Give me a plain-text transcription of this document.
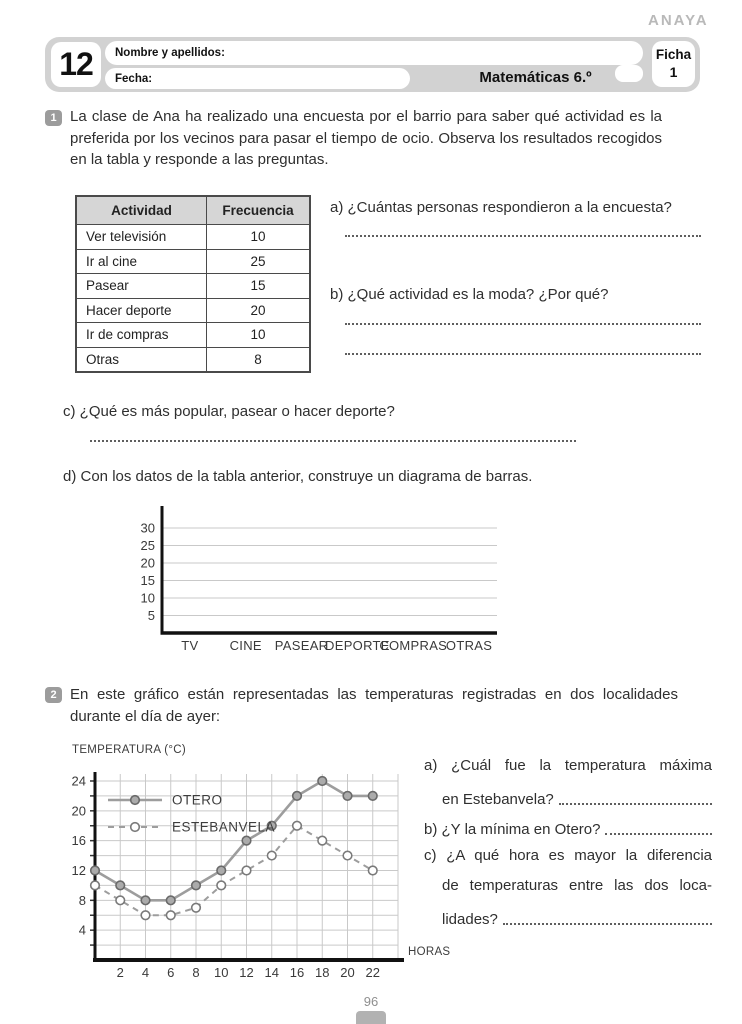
ANAYA
12	Nombre y apellidos:
Fecha:	Matemáticas 6.º
Ficha
1
1 La clase de Ana ha realizado una encuesta por el barrio para saber qué actividad es la preferida por los vecinos para pasar el tiempo de ocio. Observa los resultados recogidos en la tabla y responde a las preguntas.
Actividad	Frecuencia
Ver televisión	10
Ir al cine	25
Pasear	15
Hacer deporte	20
Ir de compras	10
Otras	8
a) ¿Cuántas personas respondieron a la encuesta?
b) ¿Qué actividad es la moda? ¿Por qué?
c) ¿Qué es más popular, pasear o hacer deporte?
d) Con los datos de la tabla anterior, construye un diagrama de barras.
5
10
15
20
25
30
TV CINE PASEAR
DEPORTE
COMPRAS
OTRAS
2 En este gráfico están representadas las temperaturas registradas en dos localidades durante el día de ayer:
TEMPERATURA (°C)
4
8
12
16
20
24
2 4 6 8 10 12 14 16 18 20 22
HORAS
OTERO
ESTEBANVELA
a) ¿Cuál fue la temperatura máxima
en Estebanvela?
b) ¿Y la mínima en Otero?
c) ¿A qué hora es mayor la diferencia
de temperaturas entre las dos loca-
lidades?
96
